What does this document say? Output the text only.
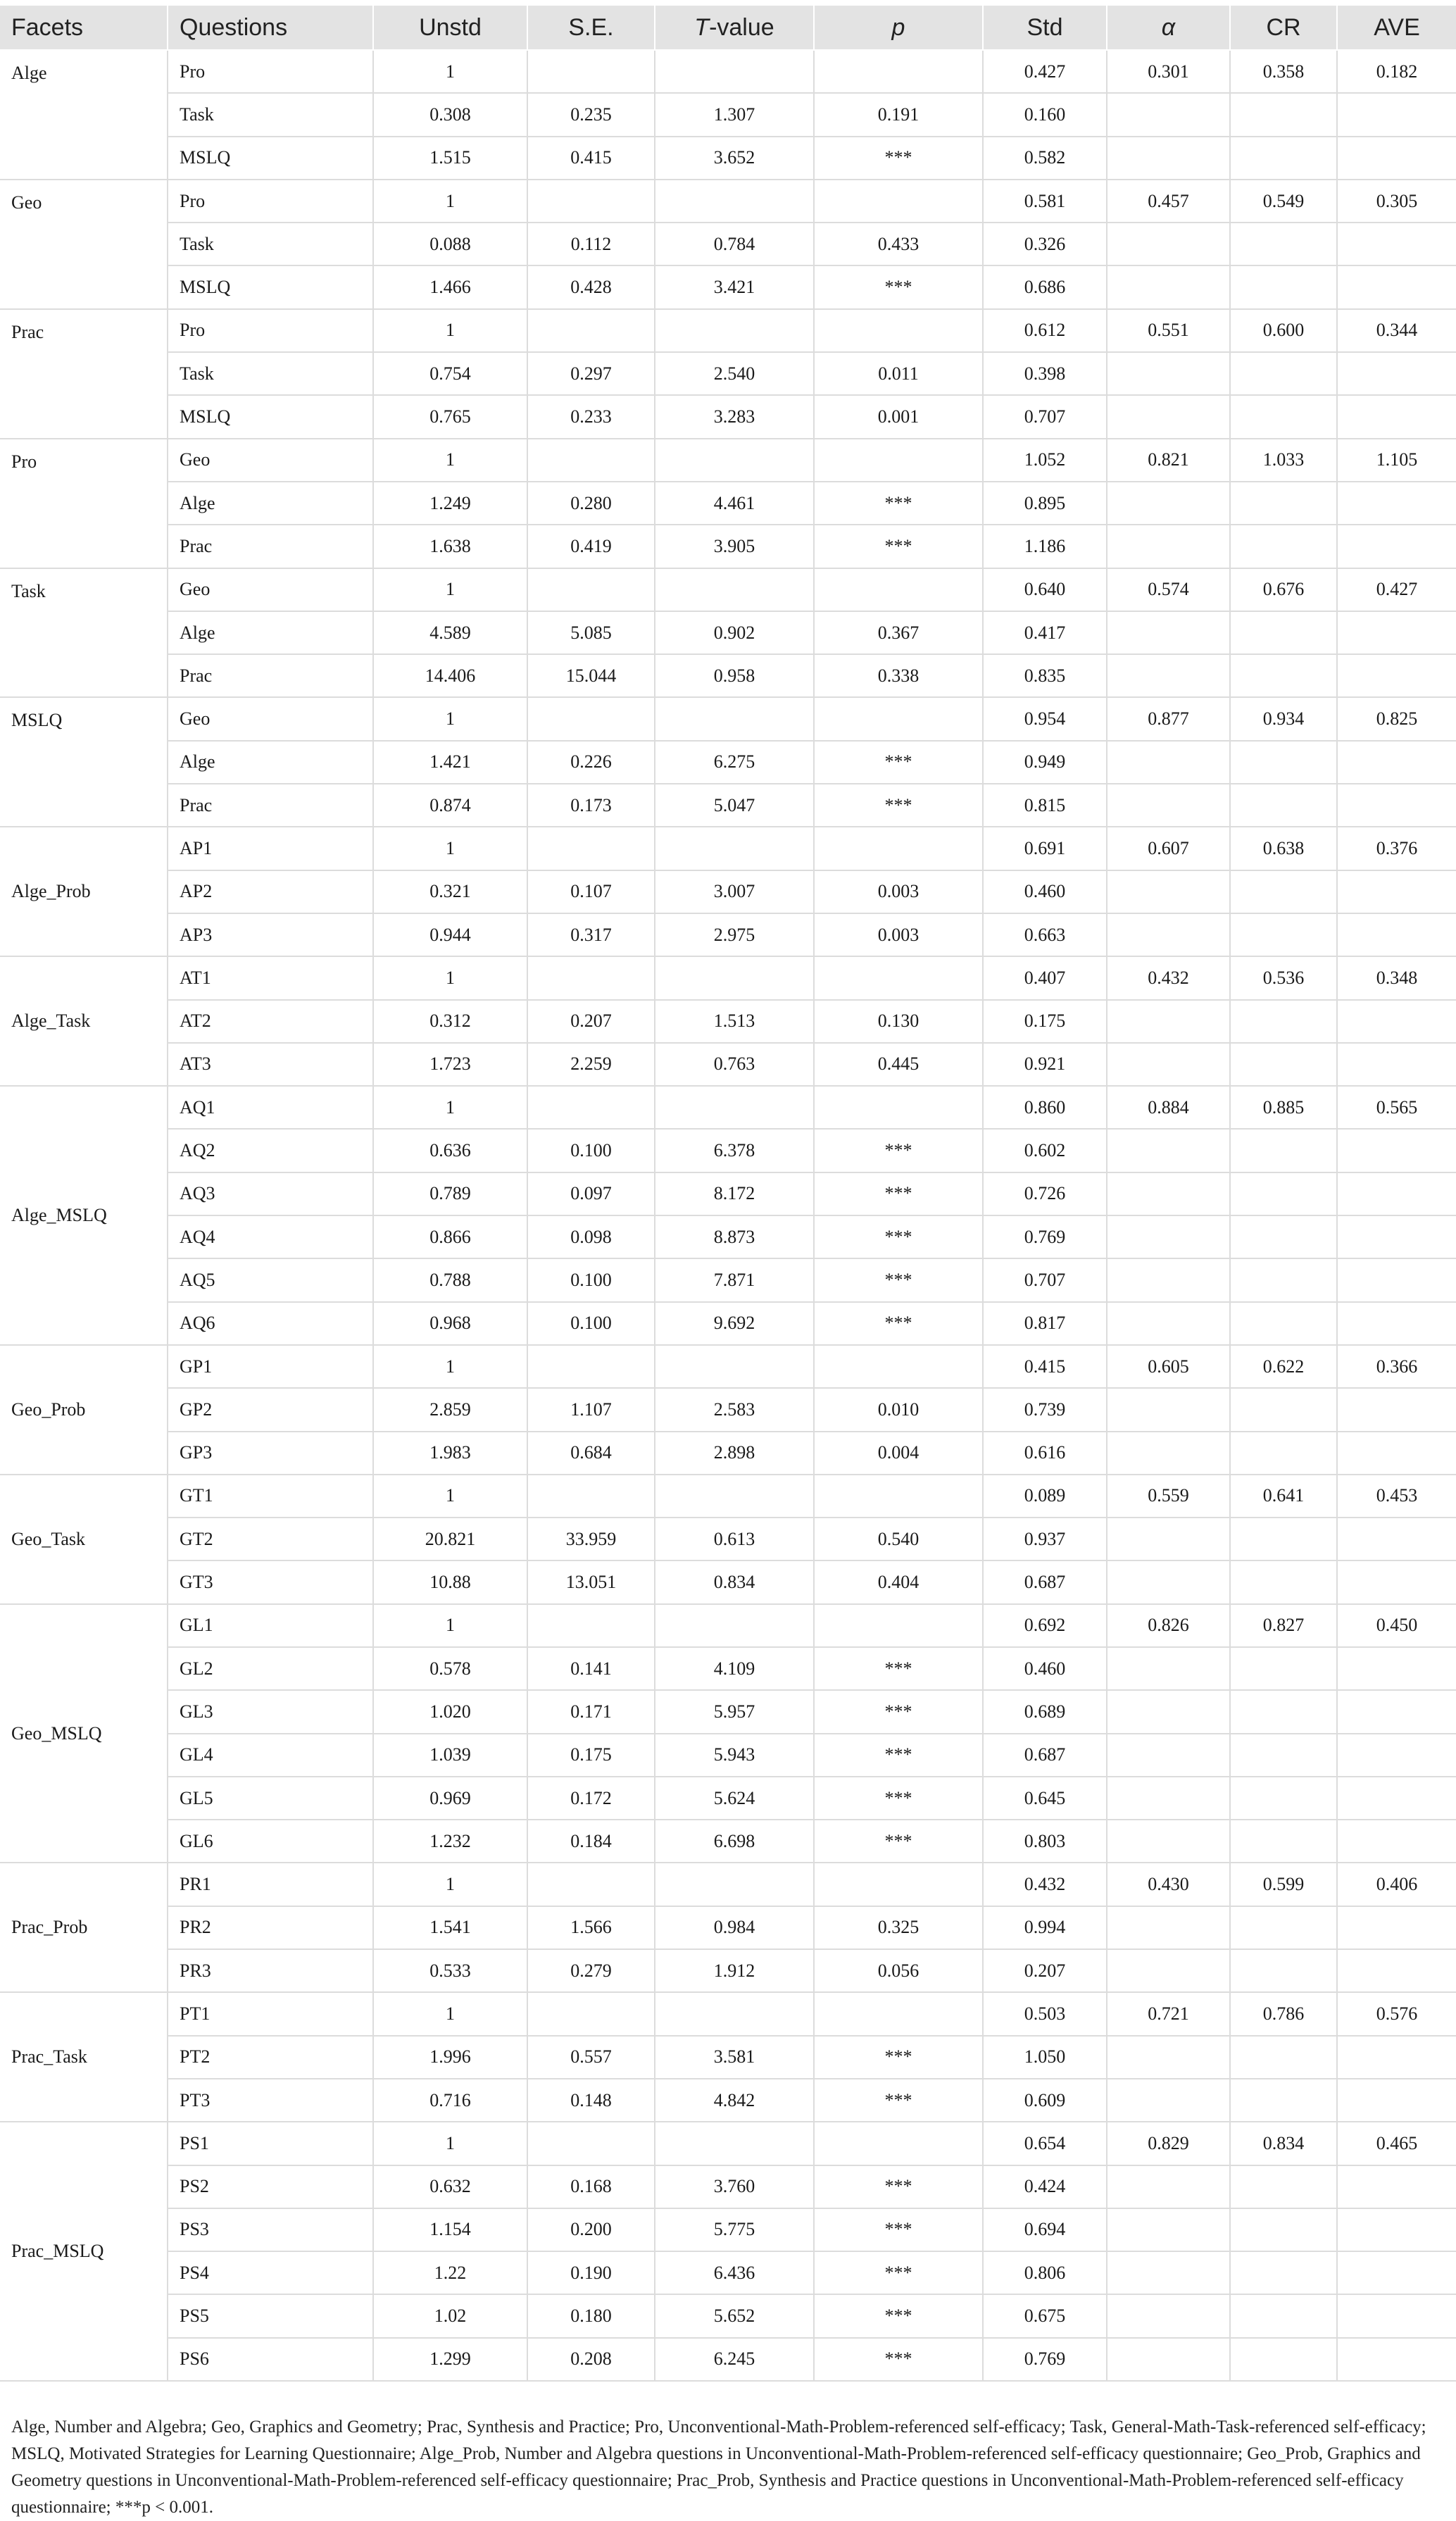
Facets	Questions	Unstd	S.E.	T-value	p	Std	α	CR	AVE
Alge	Pro	1				0.427	0.301	0.358	0.182
	Task	0.308	0.235	1.307	0.191	0.160			
	MSLQ	1.515	0.415	3.652	***	0.582			
Geo	Pro	1				0.581	0.457	0.549	0.305
	Task	0.088	0.112	0.784	0.433	0.326			
	MSLQ	1.466	0.428	3.421	***	0.686			
Prac	Pro	1				0.612	0.551	0.600	0.344
	Task	0.754	0.297	2.540	0.011	0.398			
	MSLQ	0.765	0.233	3.283	0.001	0.707			
Pro	Geo	1				1.052	0.821	1.033	1.105
	Alge	1.249	0.280	4.461	***	0.895			
	Prac	1.638	0.419	3.905	***	1.186			
Task	Geo	1				0.640	0.574	0.676	0.427
	Alge	4.589	5.085	0.902	0.367	0.417			
	Prac	14.406	15.044	0.958	0.338	0.835			
MSLQ	Geo	1				0.954	0.877	0.934	0.825
	Alge	1.421	0.226	6.275	***	0.949			
	Prac	0.874	0.173	5.047	***	0.815			
Alge_Prob	AP1	1				0.691	0.607	0.638	0.376
	AP2	0.321	0.107	3.007	0.003	0.460			
	AP3	0.944	0.317	2.975	0.003	0.663			
Alge_Task	AT1	1				0.407	0.432	0.536	0.348
	AT2	0.312	0.207	1.513	0.130	0.175			
	AT3	1.723	2.259	0.763	0.445	0.921			
Alge_MSLQ	AQ1	1				0.860	0.884	0.885	0.565
	AQ2	0.636	0.100	6.378	***	0.602			
	AQ3	0.789	0.097	8.172	***	0.726			
	AQ4	0.866	0.098	8.873	***	0.769			
	AQ5	0.788	0.100	7.871	***	0.707			
	AQ6	0.968	0.100	9.692	***	0.817			
Geo_Prob	GP1	1				0.415	0.605	0.622	0.366
	GP2	2.859	1.107	2.583	0.010	0.739			
	GP3	1.983	0.684	2.898	0.004	0.616			
Geo_Task	GT1	1				0.089	0.559	0.641	0.453
	GT2	20.821	33.959	0.613	0.540	0.937			
	GT3	10.88	13.051	0.834	0.404	0.687			
Geo_MSLQ	GL1	1				0.692	0.826	0.827	0.450
	GL2	0.578	0.141	4.109	***	0.460			
	GL3	1.020	0.171	5.957	***	0.689			
	GL4	1.039	0.175	5.943	***	0.687			
	GL5	0.969	0.172	5.624	***	0.645			
	GL6	1.232	0.184	6.698	***	0.803			
Prac_Prob	PR1	1				0.432	0.430	0.599	0.406
	PR2	1.541	1.566	0.984	0.325	0.994			
	PR3	0.533	0.279	1.912	0.056	0.207			
Prac_Task	PT1	1				0.503	0.721	0.786	0.576
	PT2	1.996	0.557	3.581	***	1.050			
	PT3	0.716	0.148	4.842	***	0.609			
Prac_MSLQ	PS1	1				0.654	0.829	0.834	0.465
	PS2	0.632	0.168	3.760	***	0.424			
	PS3	1.154	0.200	5.775	***	0.694			
	PS4	1.22	0.190	6.436	***	0.806			
	PS5	1.02	0.180	5.652	***	0.675			
	PS6	1.299	0.208	6.245	***	0.769			
Alge, Number and Algebra; Geo, Graphics and Geometry; Prac, Synthesis and Practice; Pro, Unconventional-Math-Problem-referenced self-efficacy; Task, General-Math-Task-referenced self-efficacy; MSLQ, Motivated Strategies for Learning Questionnaire; Alge_Prob, Number and Algebra questions in Unconventional-Math-Problem-referenced self-efficacy questionnaire; Geo_Prob, Graphics and Geometry questions in Unconventional-Math-Problem-referenced self-efficacy questionnaire; Prac_Prob, Synthesis and Practice questions in Unconventional-Math-Problem-referenced self-efficacy questionnaire; ***p < 0.001.
